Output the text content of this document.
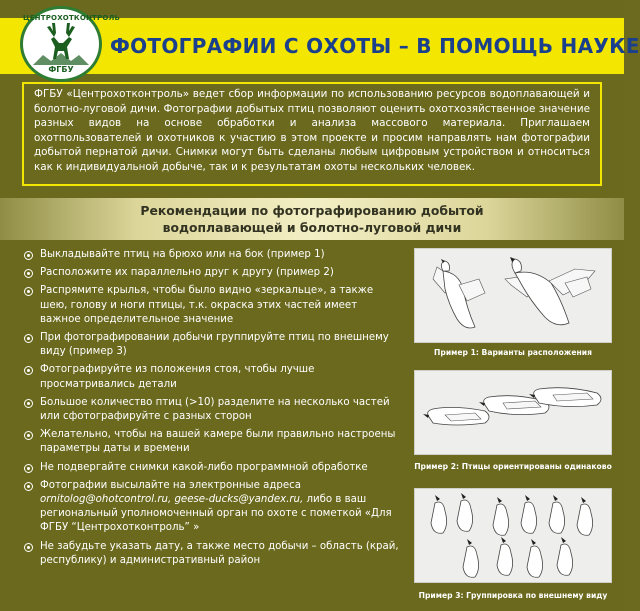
ФОТОГРАФИИ С ОХОТЫ – В ПОМОЩЬ НАУКЕ
ЦЕНТРОХОТКОНТРОЛЬ
ФГБУ

ФГБУ «Центрохотконтроль» ведет сбор информации по использованию ресурсов водоплавающей и болотно-луговой дичи. Фотографии добытых птиц позволяют оценить охотхозяйственное значение разных видов на основе обработки и анализа массового материала. Приглашаем охотпользователей и охотников к участию в этом проекте и просим направлять нам фотографии добытой пернатой дичи. Снимки могут быть сделаны любым цифровым устройством и относиться как к индивидуальной добыче, так и к результатам охоты нескольких человек.

Рекомендации по фотографированию добытой
водоплавающей и болотно-луговой дичи
Выкладывайте птиц на брюхо или на бок (пример 1)
Расположите их параллельно друг к другу (пример 2)
Распрямите крылья, чтобы было видно «зеркальце», а также шею, голову и ноги птицы, т.к. окраска этих частей имеет важное определительное значение
При фотографировании добычи группируйте птиц по внешнему виду (пример 3)
Фотографируйте из положения стоя, чтобы лучше просматривались детали
Большое количество птиц (>10) разделите на несколько частей или сфотографируйте с разных сторон
Желательно, чтобы на вашей камере были правильно настроены параметры даты и времени
Не подвергайте снимки какой-либо программной обработке
Фотографии высылайте на электронные адреса ornitolog@ohotcontrol.ru, geese-ducks@yandex.ru, либо в ваш региональный уполномоченный орган по охоте с пометкой «Для ФГБУ “Центрохотконтроль” »
Не забудьте указать дату, а также место добычи – область (край, республику) и административный район
Пример 1: Варианты расположения
Пример 2: Птицы ориентированы одинаково
Пример 3: Группировка по внешнему виду
